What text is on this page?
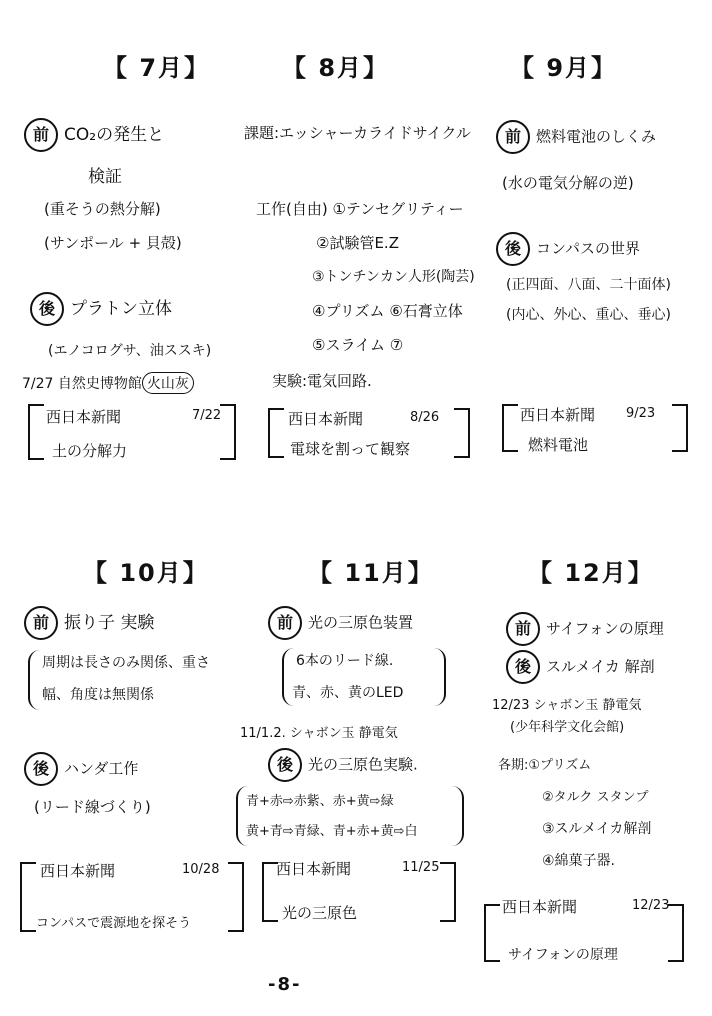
【 7月】	【 8月】	【 9月】
【 10月】	【 11月】	【 12月】
前 CO₂の発生と
検証
(重そうの熱分解)
(サンポール + 貝殻)
後 プラトン立体
(エノコログサ、油ススキ)
7/27 自然史博物館 火山灰
西日本新聞	7/22
土の分解力
課題:エッシャーカライドサイクル
工作(自由) ①テンセグリティー
②試験管E.Z
③トンチンカン人形(陶芸)
④プリズム ⑥石膏立体
⑤スライム ⑦
実験:電気回路.
西日本新聞	8/26
電球を割って観察
前 燃料電池のしくみ
(水の電気分解の逆)
後 コンパスの世界
(正四面、八面、二十面体)
(内心、外心、重心、垂心)
西日本新聞 9/23
燃料電池
前 振り子 実験
周期は長さのみ関係、重さ
幅、角度は無関係
後 ハンダ工作
(リード線づくり)
西日本新聞	10/28
コンパスで震源地を探そう
前 光の三原色装置
6本のリード線.
青、赤、黄のLED
11/1.2. シャボン玉 静電気
後 光の三原色実験.
青+赤⇨赤紫、赤+黄⇨緑
黄+青⇨青緑、青+赤+黄⇨白
西日本新聞	11/25
光の三原色
前 サイフォンの原理
後 スルメイカ 解剖
12/23 シャボン玉 静電気
(少年科学文化会館)
各期:①プリズム
②タルク スタンプ
③スルメイカ解剖
④綿菓子器.
西日本新聞	12/23
サイフォンの原理
-8-
